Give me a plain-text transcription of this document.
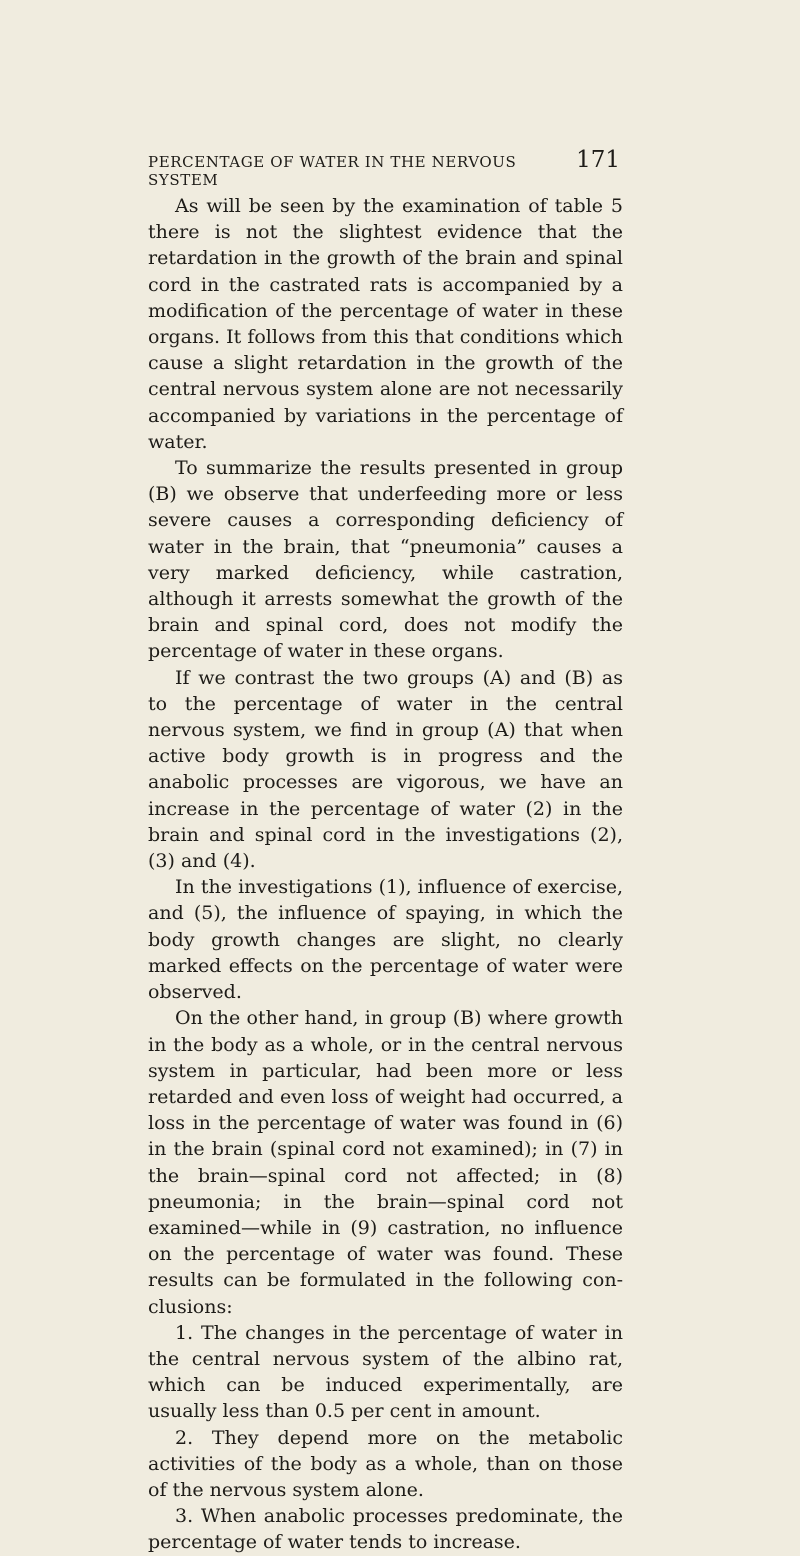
PERCENTAGE OF WATER IN THE NERVOUS SYSTEM
171

As will be seen by the examination of table 5 there is not the slightest evidence that the retardation in the growth of the brain and spinal cord in the castrated rats is accompanied by a modification of the percentage of water in these organs. It follows from this that conditions which cause a slight retardation in the growth of the central nervous system alone are not necessarily accompanied by variations in the percentage of water.

To summarize the results presented in group (B) we observe that underfeeding more or less severe causes a corresponding deficiency of water in the brain, that “pneumonia” causes a very marked deficiency, while castration, although it arrests somewhat the growth of the brain and spinal cord, does not modify the percentage of water in these organs.

If we contrast the two groups (A) and (B) as to the percentage of water in the central nervous system, we find in group (A) that when active body growth is in progress and the anabolic processes are vigorous, we have an increase in the percentage of water (2) in the brain and spinal cord in the investigations (2), (3) and (4).

In the investigations (1), influence of exercise, and (5), the influence of spaying, in which the body growth changes are slight, no clearly marked effects on the percentage of water were observed.

On the other hand, in group (B) where growth in the body as a whole, or in the central nervous system in particular, had been more or less retarded and even loss of weight had occurred, a loss in the percentage of water was found in (6) in the brain (spinal cord not examined); in (7) in the brain—spinal cord not affected; in (8) pneumonia; in the brain—spinal cord not examined—while in (9) castration, no influence on the percentage of water was found. These results can be formulated in the following conclusions:

1. The changes in the percentage of water in the central nervous system of the albino rat, which can be induced experimentally, are usually less than 0.5 per cent in amount.

2. They depend more on the metabolic activities of the body as a whole, than on those of the nervous system alone.

3. When anabolic processes predominate, the percentage of water tends to increase.
